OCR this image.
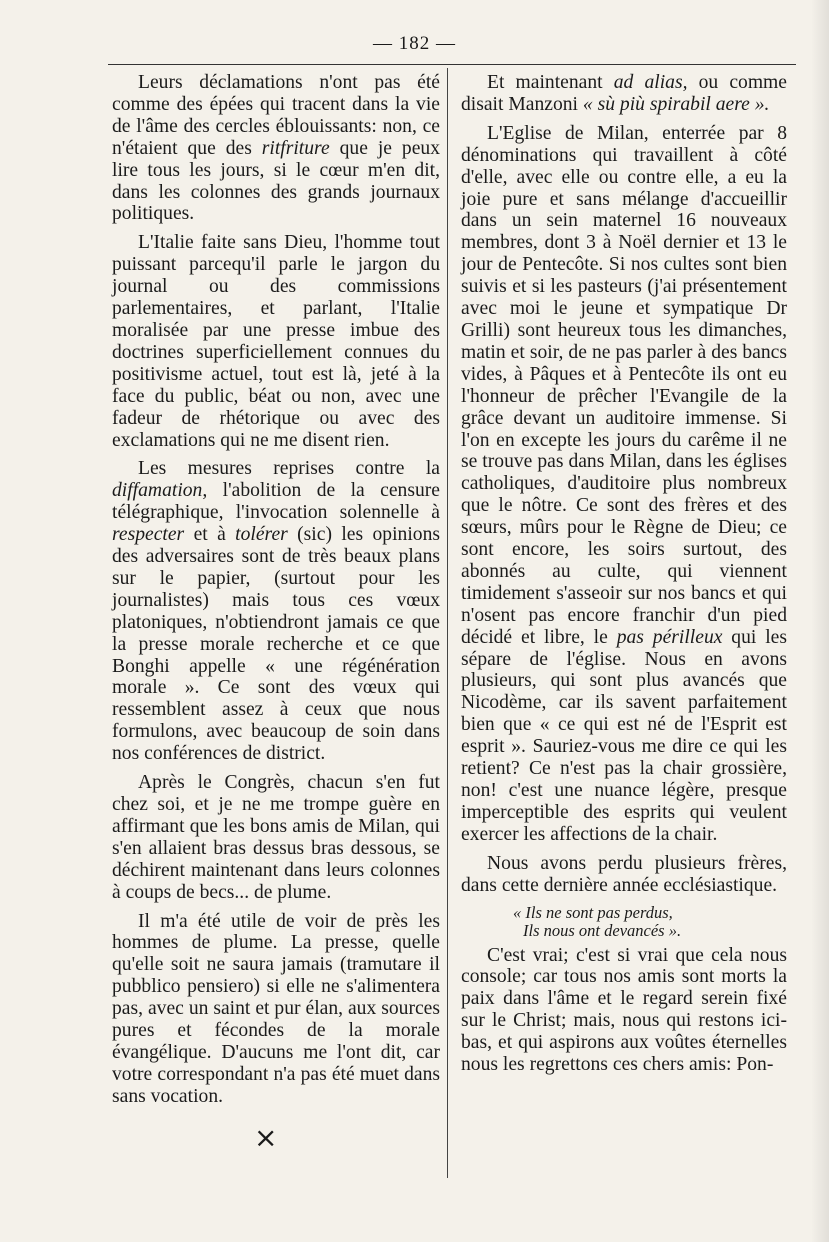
— 182 —

Leurs déclamations n'ont pas été comme des épées qui tracent dans la vie de l'âme des cercles éblouissants: non, ce n'étaient que des ritfriture que je peux lire tous les jours, si le cœur m'en dit, dans les colonnes des grands journaux politiques.

L'Italie faite sans Dieu, l'homme tout puissant parcequ'il parle le jargon du journal ou des commissions parlementaires, et parlant, l'Italie moralisée par une presse imbue des doctrines superficiellement connues du positivisme actuel, tout est là, jeté à la face du public, béat ou non, avec une fadeur de rhétorique ou avec des exclamations qui ne me disent rien.

Les mesures reprises contre la diffamation, l'abolition de la censure télégraphique, l'invocation solennelle à respecter et à tolérer (sic) les opinions des adversaires sont de très beaux plans sur le papier, (surtout pour les journalistes) mais tous ces vœux platoniques, n'obtiendront jamais ce que la presse morale recherche et ce que Bonghi appelle « une régénération morale ». Ce sont des vœux qui ressemblent assez à ceux que nous formulons, avec beaucoup de soin dans nos conférences de district.

Après le Congrès, chacun s'en fut chez soi, et je ne me trompe guère en affirmant que les bons amis de Milan, qui s'en allaient bras dessus bras dessous, se déchirent maintenant dans leurs colonnes à coups de becs... de plume.

Il m'a été utile de voir de près les hommes de plume. La presse, quelle qu'elle soit ne saura jamais (tramutare il pubblico pensiero) si elle ne s'alimentera pas, avec un saint et pur élan, aux sources pures et fécondes de la morale évangélique. D'aucuns me l'ont dit, car votre correspondant n'a pas été muet dans sans vocation.

×

Et maintenant ad alias, ou comme disait Manzoni « sù più spirabil aere ».

L'Eglise de Milan, enterrée par 8 dénominations qui travaillent à côté d'elle, avec elle ou contre elle, a eu la joie pure et sans mélange d'accueillir dans un sein maternel 16 nouveaux membres, dont 3 à Noël dernier et 13 le jour de Pentecôte. Si nos cultes sont bien suivis et si les pasteurs (j'ai présentement avec moi le jeune et sympatique Dr Grilli) sont heureux tous les dimanches, matin et soir, de ne pas parler à des bancs vides, à Pâques et à Pentecôte ils ont eu l'honneur de prêcher l'Evangile de la grâce devant un auditoire immense. Si l'on en excepte les jours du carême il ne se trouve pas dans Milan, dans les églises catholiques, d'auditoire plus nombreux que le nôtre. Ce sont des frères et des sœurs, mûrs pour le Règne de Dieu; ce sont encore, les soirs surtout, des abonnés au culte, qui viennent timidement s'asseoir sur nos bancs et qui n'osent pas encore franchir d'un pied décidé et libre, le pas périlleux qui les sépare de l'église. Nous en avons plusieurs, qui sont plus avancés que Nicodème, car ils savent parfaitement bien que « ce qui est né de l'Esprit est esprit ». Sauriez-vous me dire ce qui les retient? Ce n'est pas la chair grossière, non! c'est une nuance légère, presque imperceptible des esprits qui veulent exercer les affections de la chair.

Nous avons perdu plusieurs frères, dans cette dernière année ecclésiastique.

« Ils ne sont pas perdus,
Ils nous ont devancés ».

C'est vrai; c'est si vrai que cela nous console; car tous nos amis sont morts la paix dans l'âme et le regard serein fixé sur le Christ; mais, nous qui restons ici-bas, et qui aspirons aux voûtes éternelles nous les regrettons ces chers amis: Pon-
